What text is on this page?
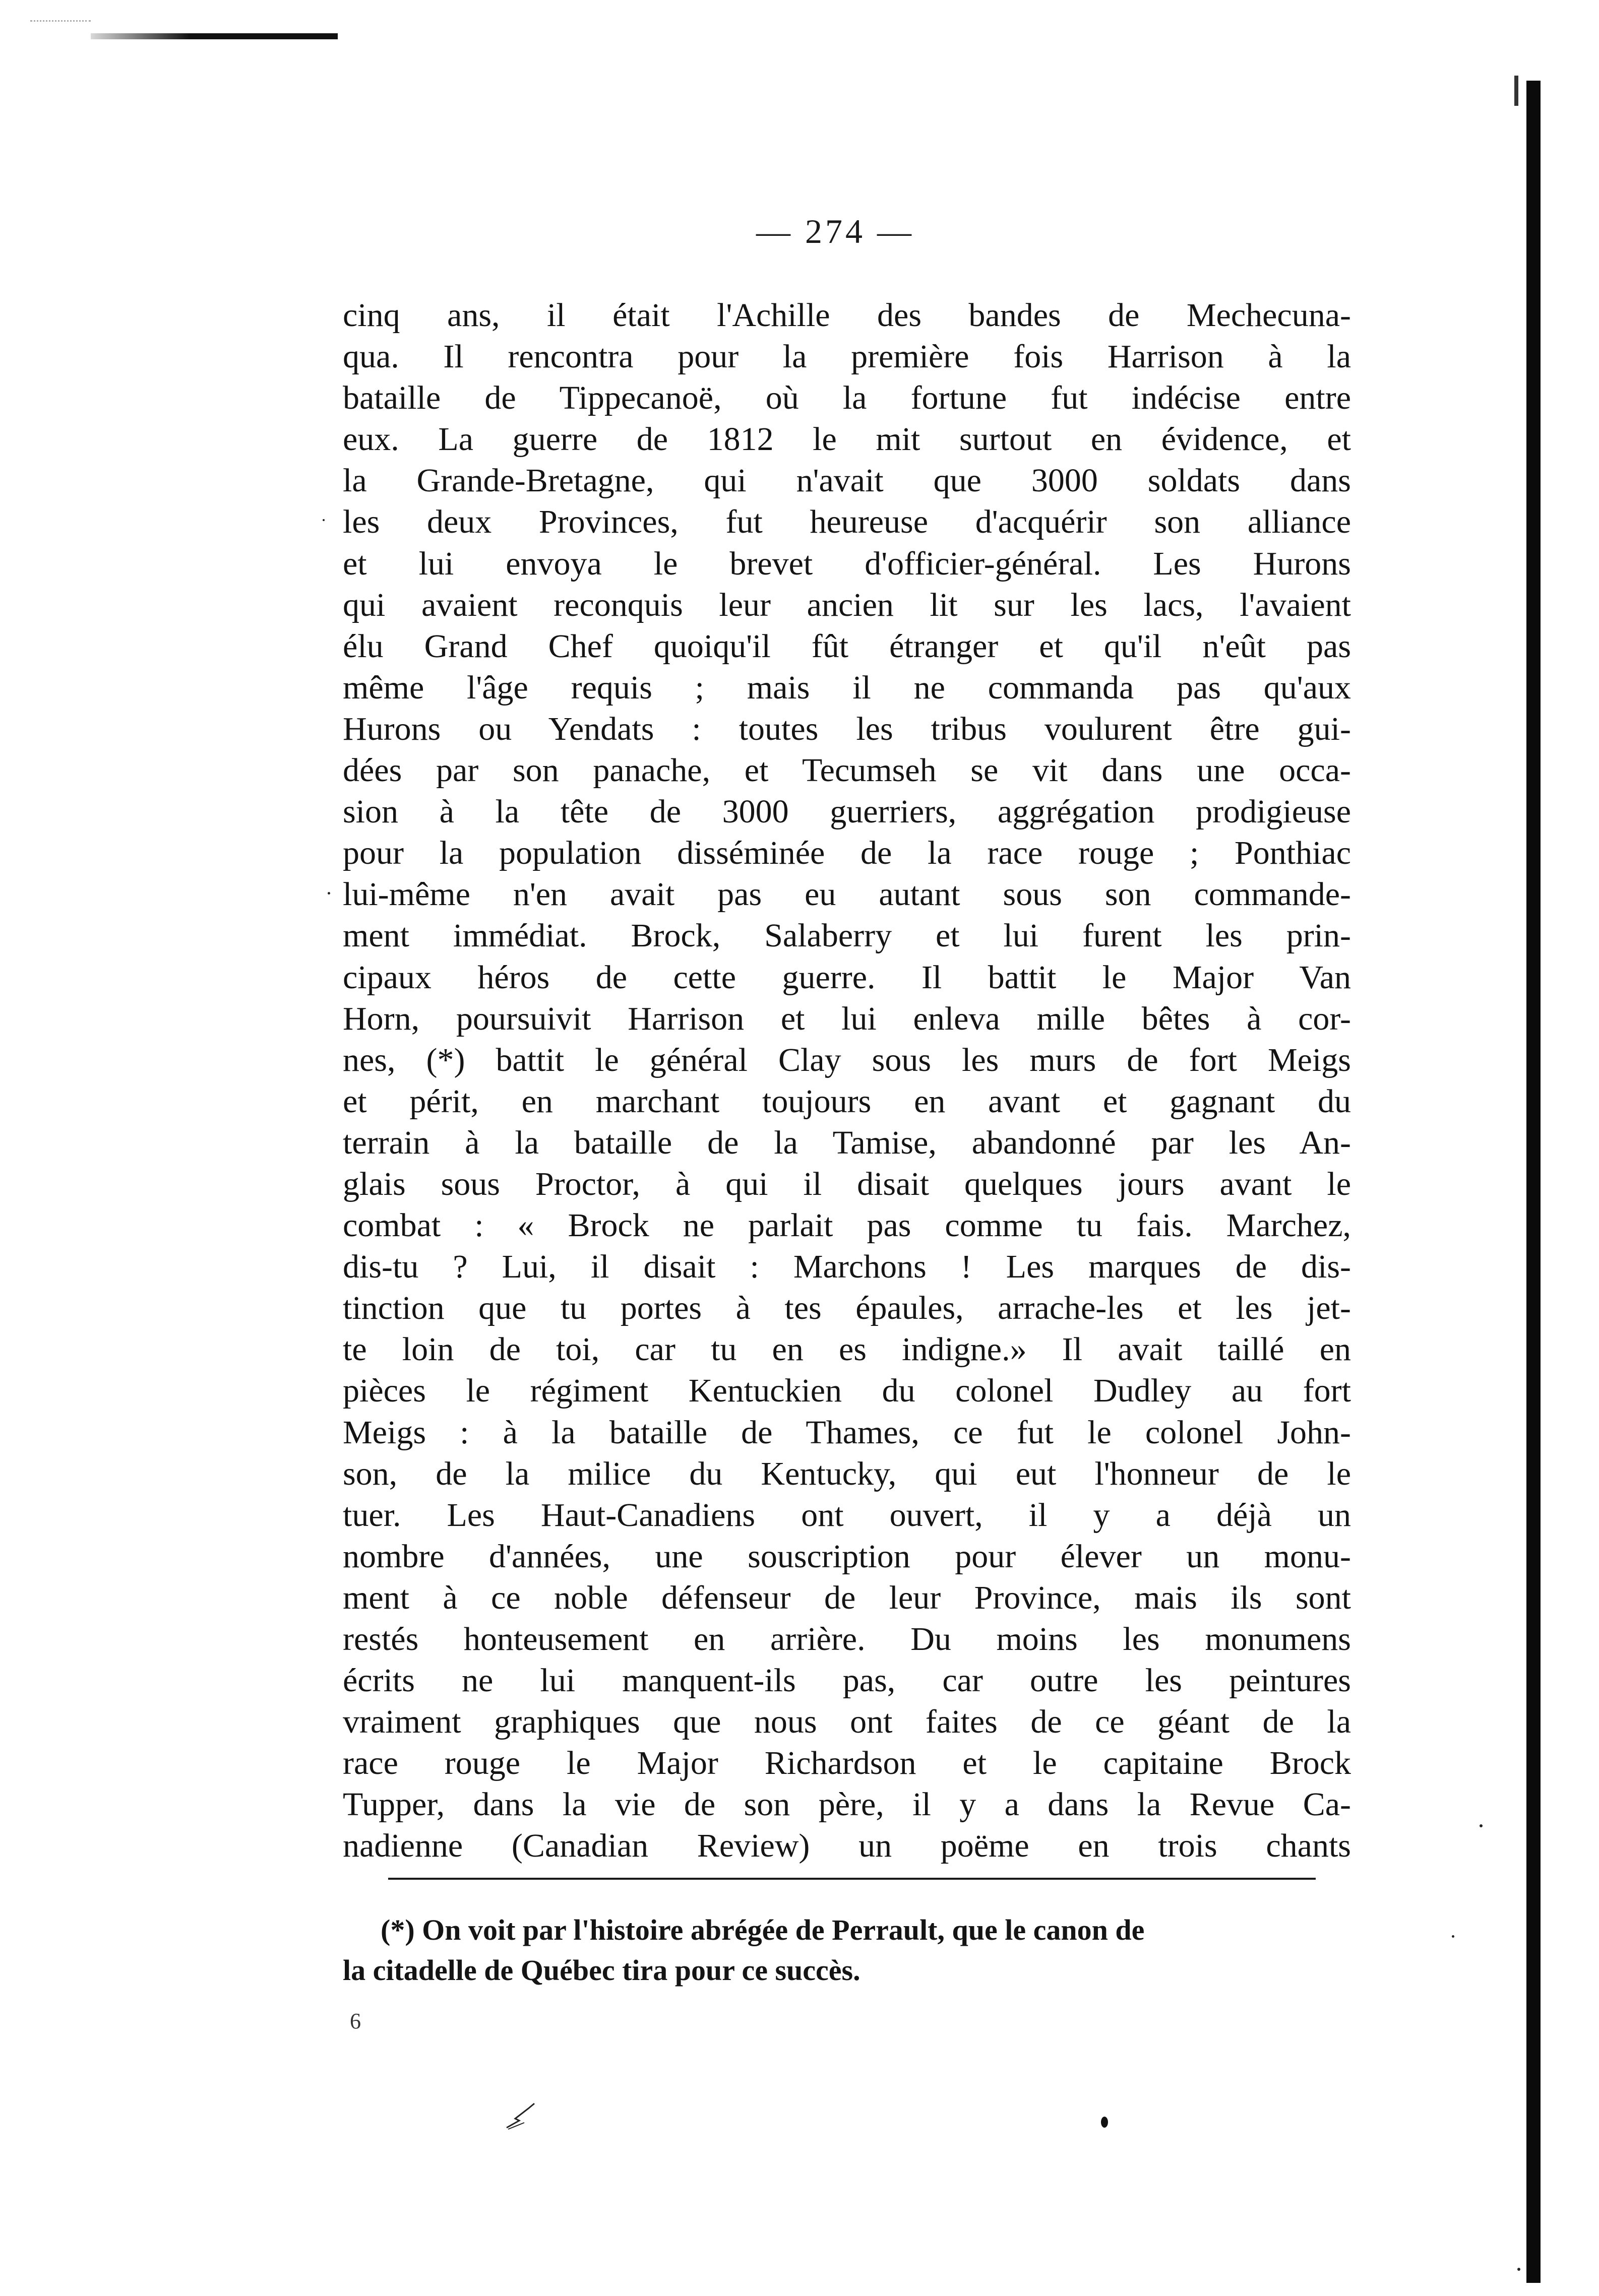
— 274 —
cinq ans, il était l'Achille des bandes de Mechecuna-
qua. Il rencontra pour la première fois Harrison à la
bataille de Tippecanoë, où la fortune fut indécise entre
eux. La guerre de 1812 le mit surtout en évidence, et
la Grande-Bretagne, qui n'avait que 3000 soldats dans
les deux Provinces, fut heureuse d'acquérir son alliance
et lui envoya le brevet d'officier-général. Les Hurons
qui avaient reconquis leur ancien lit sur les lacs, l'avaient
élu Grand Chef quoiqu'il fût étranger et qu'il n'eût pas
même l'âge requis ; mais il ne commanda pas qu'aux
Hurons ou Yendats : toutes les tribus voulurent être gui-
dées par son panache, et Tecumseh se vit dans une occa-
sion à la tête de 3000 guerriers, aggrégation prodigieuse
pour la population disséminée de la race rouge ; Ponthiac
lui-même n'en avait pas eu autant sous son commande-
ment immédiat. Brock, Salaberry et lui furent les prin-
cipaux héros de cette guerre. Il battit le Major Van
Horn, poursuivit Harrison et lui enleva mille bêtes à cor-
nes, (*) battit le général Clay sous les murs de fort Meigs
et périt, en marchant toujours en avant et gagnant du
terrain à la bataille de la Tamise, abandonné par les An-
glais sous Proctor, à qui il disait quelques jours avant le
combat : « Brock ne parlait pas comme tu fais. Marchez,
dis-tu ? Lui, il disait : Marchons ! Les marques de dis-
tinction que tu portes à tes épaules, arrache-les et les jet-
te loin de toi, car tu en es indigne.» Il avait taillé en
pièces le régiment Kentuckien du colonel Dudley au fort
Meigs : à la bataille de Thames, ce fut le colonel John-
son, de la milice du Kentucky, qui eut l'honneur de le
tuer. Les Haut-Canadiens ont ouvert, il y a déjà un
nombre d'années, une souscription pour élever un monu-
ment à ce noble défenseur de leur Province, mais ils sont
restés honteusement en arrière. Du moins les monumens
écrits ne lui manquent-ils pas, car outre les peintures
vraiment graphiques que nous ont faites de ce géant de la
race rouge le Major Richardson et le capitaine Brock
Tupper, dans la vie de son père, il y a dans la Revue Ca-
nadienne (Canadian Review) un poëme en trois chants
(*) On voit par l'histoire abrégée de Perrault, que le canon de
la citadelle de Québec tira pour ce succès.
6
